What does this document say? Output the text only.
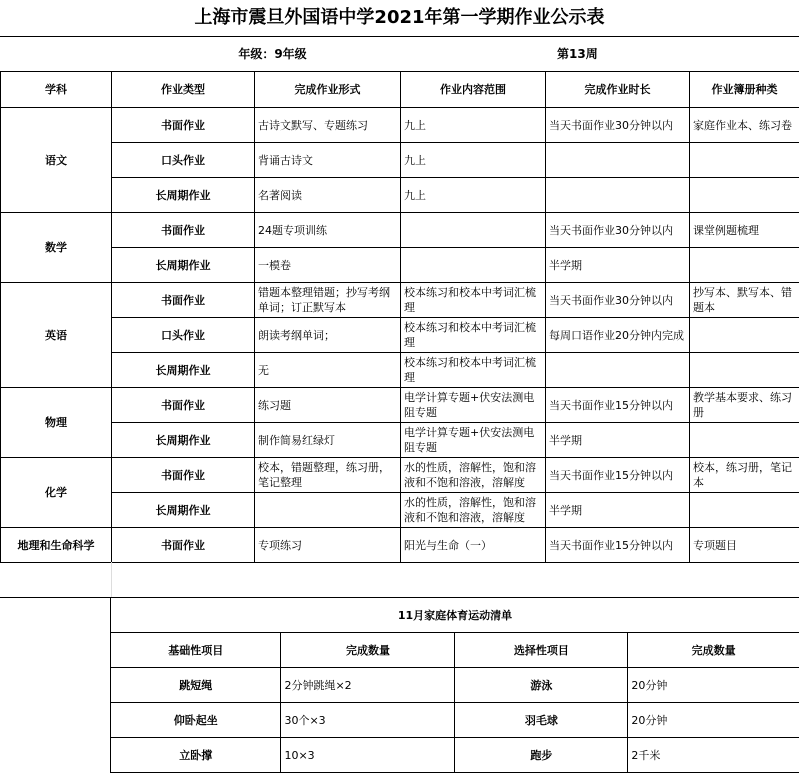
上海市震旦外国语中学2021年第一学期作业公示表
年级：9年级	第13周
学科	作业类型	完成作业形式	作业内容范围	完成作业时长	作业簿册种类
语文	书面作业	古诗文默写、专题练习	九上	当天书面作业30分钟以内	家庭作业本、练习卷
	口头作业	背诵古诗文	九上		
	长周期作业	名著阅读	九上		
数学	书面作业	24题专项训练		当天书面作业30分钟以内	课堂例题梳理
	长周期作业	一模卷		半学期	
英语	书面作业	错题本整理错题；抄写考纲单词；订正默写本	校本练习和校本中考词汇梳理	当天书面作业30分钟以内	抄写本、默写本、错题本
	口头作业	朗读考纲单词；	校本练习和校本中考词汇梳理	每周口语作业20分钟内完成	
	长周期作业	无	校本练习和校本中考词汇梳理		
物理	书面作业	练习题	电学计算专题+伏安法测电阻专题	当天书面作业15分钟以内	教学基本要求、练习册
	长周期作业	制作简易红绿灯	电学计算专题+伏安法测电阻专题	半学期	
化学	书面作业	校本，错题整理，练习册，笔记整理	水的性质，溶解性，饱和溶液和不饱和溶液，溶解度	当天书面作业15分钟以内	校本，练习册，笔记本
	长周期作业		水的性质，溶解性，饱和溶液和不饱和溶液，溶解度	半学期	
地理和生命科学	书面作业	专项练习	阳光与生命（一）	当天书面作业15分钟以内	专项题目
11月家庭体育运动清单			
基础性项目	完成数量	选择性项目	完成数量
跳短绳	2分钟跳绳×2	游泳	20分钟
仰卧起坐	30个×3	羽毛球	20分钟
立卧撑	10×3	跑步	2千米
